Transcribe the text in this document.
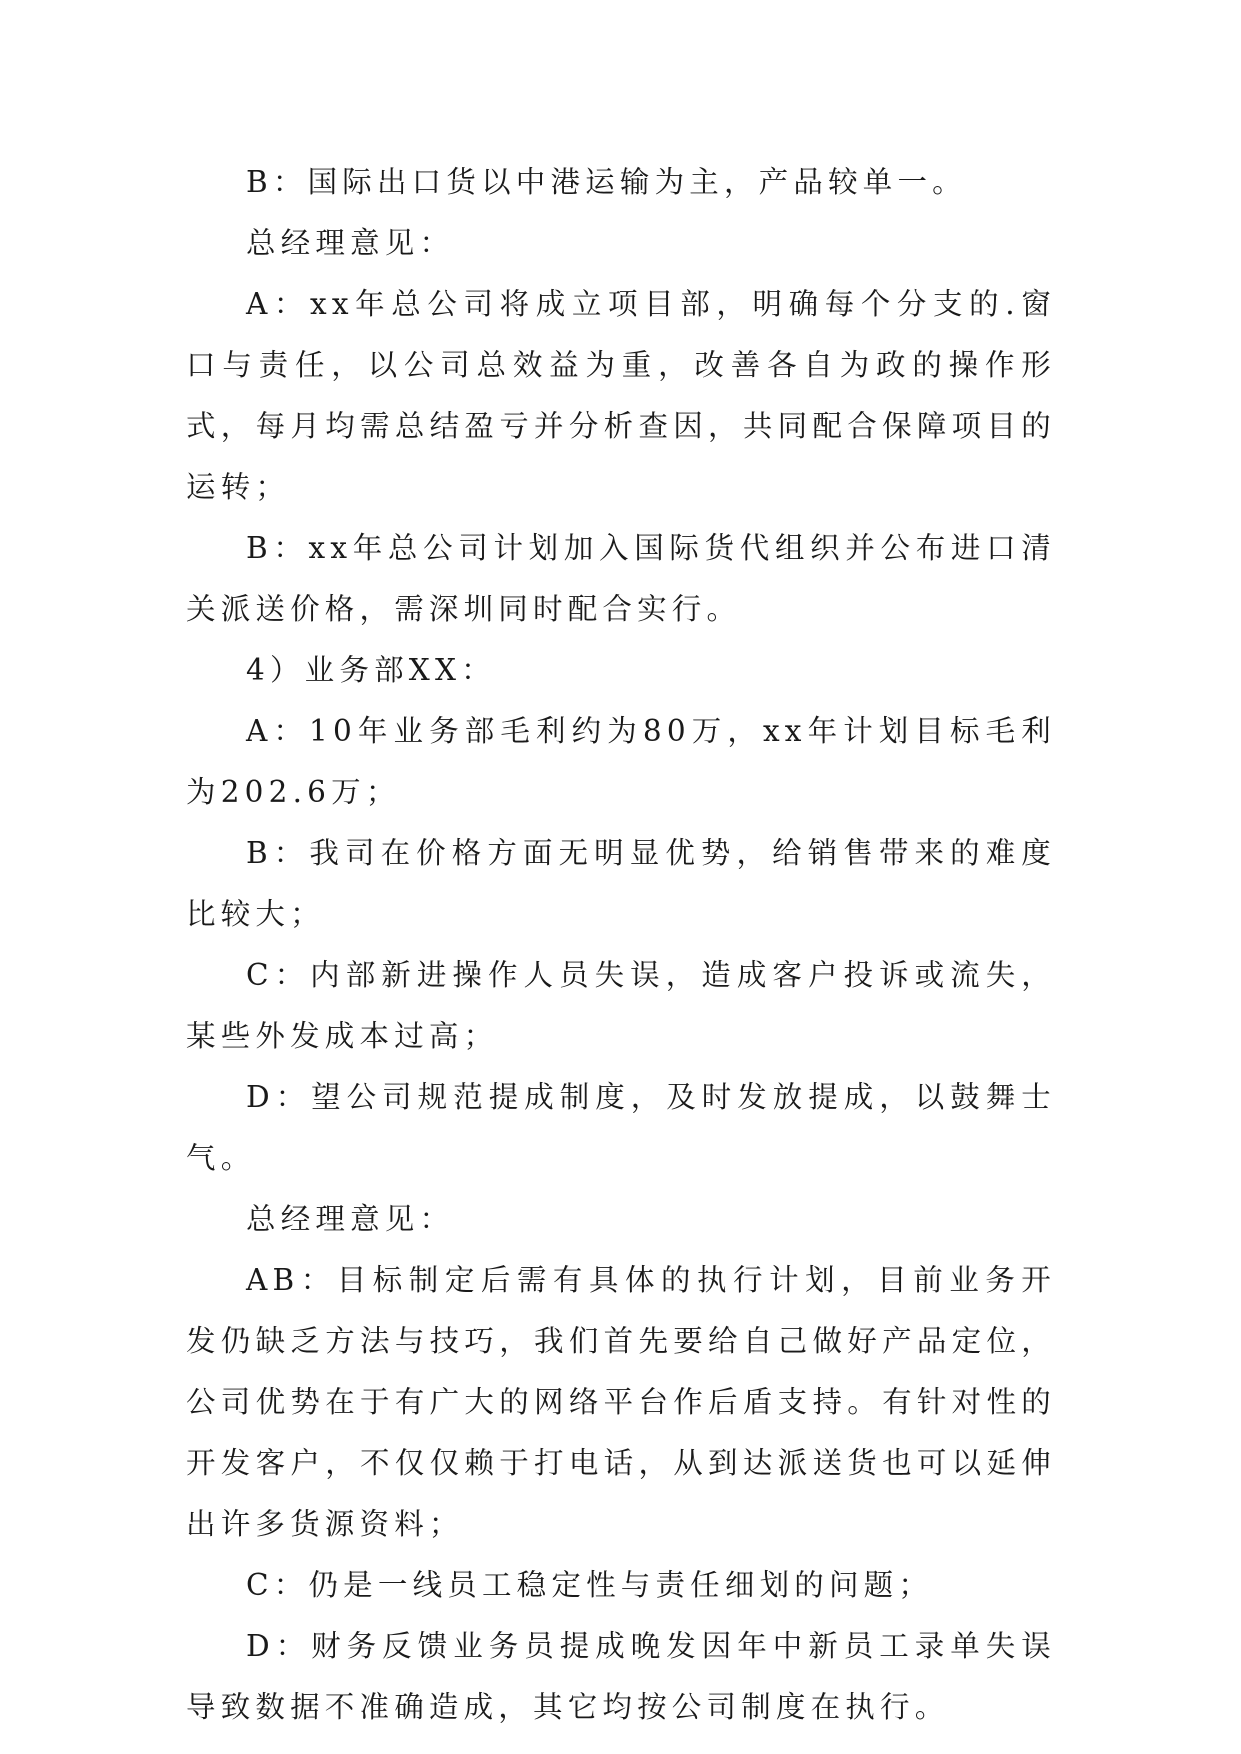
B：国际出口货以中港运输为主，产品较单一。

总经理意见：

A：xx年总公司将成立项目部，明确每个分支的.窗口与责任，以公司总效益为重，改善各自为政的操作形式，每月均需总结盈亏并分析查因，共同配合保障项目的运转；

B：xx年总公司计划加入国际货代组织并公布进口清关派送价格，需深圳同时配合实行。

4）业务部XX：

A：10年业务部毛利约为80万，xx年计划目标毛利为202.6万；

B：我司在价格方面无明显优势，给销售带来的难度比较大；

C：内部新进操作人员失误，造成客户投诉或流失，某些外发成本过高；

D：望公司规范提成制度，及时发放提成，以鼓舞士气。

总经理意见：

AB：目标制定后需有具体的执行计划，目前业务开发仍缺乏方法与技巧，我们首先要给自己做好产品定位，公司优势在于有广大的网络平台作后盾支持。有针对性的开发客户，不仅仅赖于打电话，从到达派送货也可以延伸出许多货源资料；

C：仍是一线员工稳定性与责任细划的问题；

D：财务反馈业务员提成晚发因年中新员工录单失误导致数据不准确造成，其它均按公司制度在执行。
